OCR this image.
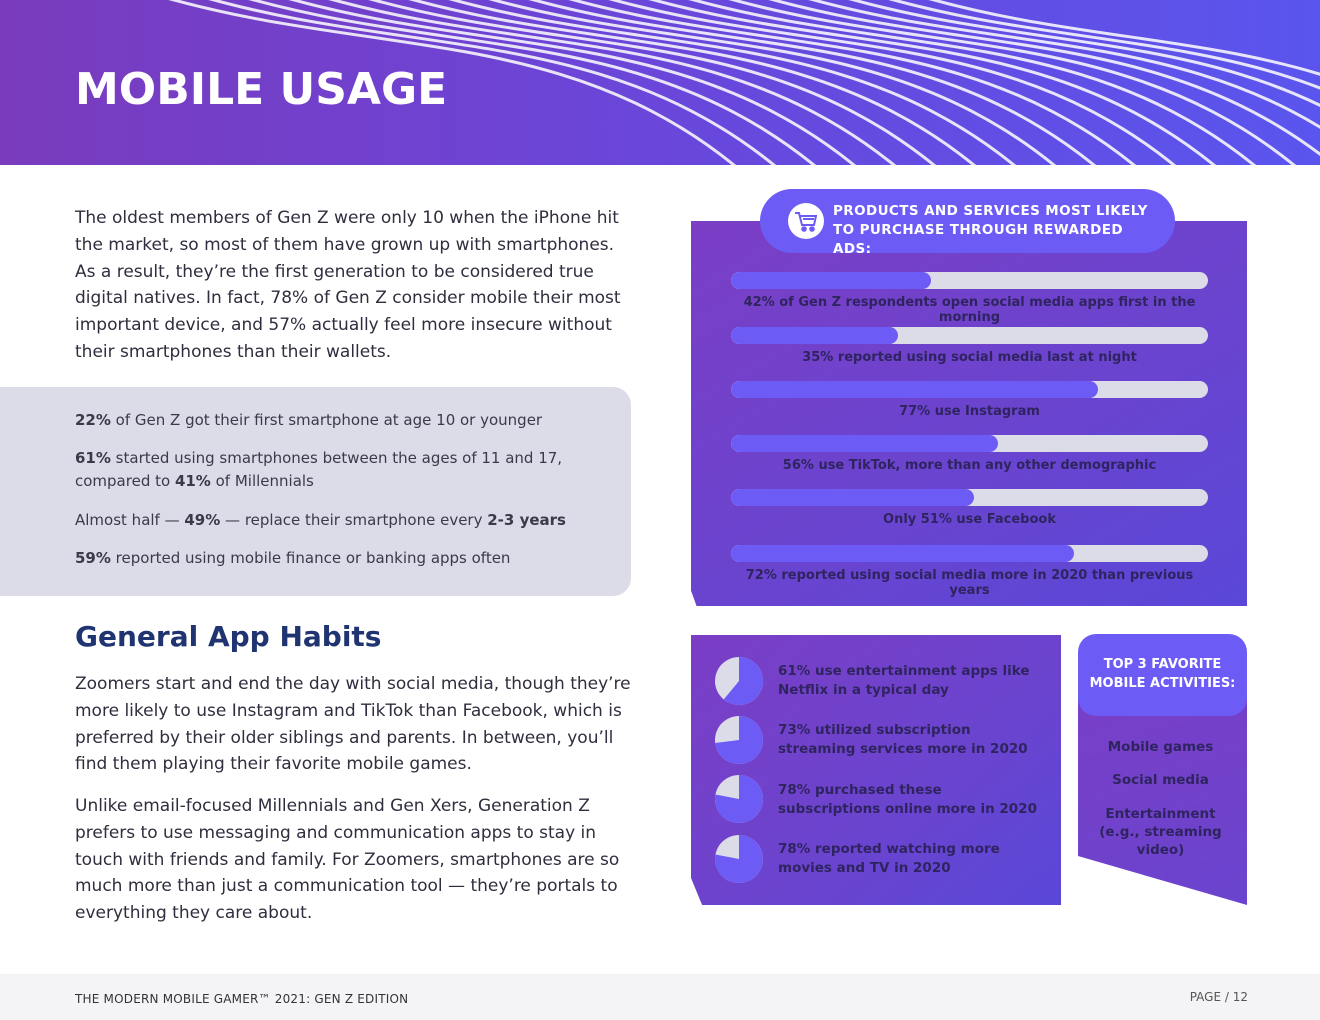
MOBILE USAGE
The oldest members of Gen Z were only 10 when the iPhone hit the market, so most of them have grown up with smartphones. As a result, they’re the first generation to be considered true digital natives. In fact, 78% of Gen Z consider mobile their most important device, and 57% actually feel more insecure without their smartphones than their wallets.
22% of Gen Z got their first smartphone at age 10 or younger
61% started using smartphones between the ages of 11 and 17, compared to 41% of Millennials
Almost half — 49% — replace their smartphone every 2-3 years
59% reported using mobile finance or banking apps often
General App Habits
Zoomers start and end the day with social media, though they’re more likely to use Instagram and TikTok than Facebook, which is preferred by their older siblings and parents. In between, you’ll find them playing their favorite mobile games.
Unlike email-focused Millennials and Gen Xers, Generation Z prefers to use messaging and communication apps to stay in touch with friends and family. For Zoomers, smartphones are so much more than just a communication tool — they’re portals to everything they care about.
PRODUCTS AND SERVICES MOST LIKELY TO PURCHASE THROUGH REWARDED ADS:
42% of Gen Z respondents open social media apps first in the morning
35% reported using social media last at night
77% use Instagram
56% use TikTok, more than any other demographic
Only 51% use Facebook
72% reported using social media more in 2020 than previous years
61% use entertainment apps like Netflix in a typical day
73% utilized subscription streaming services more in 2020
78% purchased these subscriptions online more in 2020
78% reported watching more movies and TV in 2020
TOP 3 FAVORITE MOBILE ACTIVITIES:
Mobile games
Social media
Entertainment (e.g., streaming video)
THE MODERN MOBILE GAMER™ 2021: GEN Z EDITION	PAGE / 12
